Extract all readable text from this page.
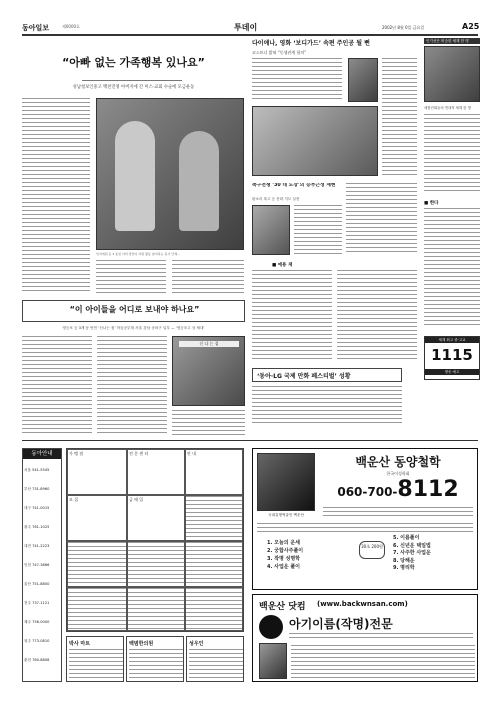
동아일보	제0000호	투데이	2002년 8월 0일 금요일	A25
“아빠 없는 가족행복 있나요”
성남청보인중고 백찬진영 아버지에 간 미스·교회 수술에 모금운동
인지애원 등 4 동일 서비 관련이 자원 활동 참여하는 봉사 단체...
다이애나, 영화 ‘보디가드’ 속편 주인공 될 뻔
코스트너 밝혀 “동생관계 합의”
인기선은 비슷한 세계 한 명
새롭진회들의 연대적 세계 한 명
■ 한다
축구전쟁 ‘30 대 노장’의 승부근성 재현
판소리 복고 등 문화 지도 실현
■ 애용 재
“이 아이들을 어디로 보내야 하나요”
영등포 등 3개 동 빈민 ‘신나는 집’ 학습공부재 서울 강남 송파구 일부 — ‘영등포고 상 세대’
신 나 는 집
‘동아·LG 국제 만화 페스티벌’ 성황
세계 최고 중·고교
1115
방송 예고
동아안내
서울 541-5545
부산 731-8960
대구 741-0015
광주 761-1025
대전 741-2223
인천 747-3666
울산 751-8800
전주 737-1121
제주 756-0000
청주 773-0810
춘천 760-8808
가 맹 점	전 문 센 터	안 내
모 집	금 매 입
박사 마트	백범한의원	성우인
국내유명역술인 백운산
백운산 동양철학
한국이성학회
060-700-8112
1. 오늘의 운세
2. 궁합사주풀이
3. 작명 성명학
4. 사업운 풀이
30초 200원
5. 이름풀이
6. 신년운 택일법
7. 사주한 사업운
8. 당해운
9. 명리학
백운산 닷컴 (www.backwnsan.com)
아기이름(작명)전문
